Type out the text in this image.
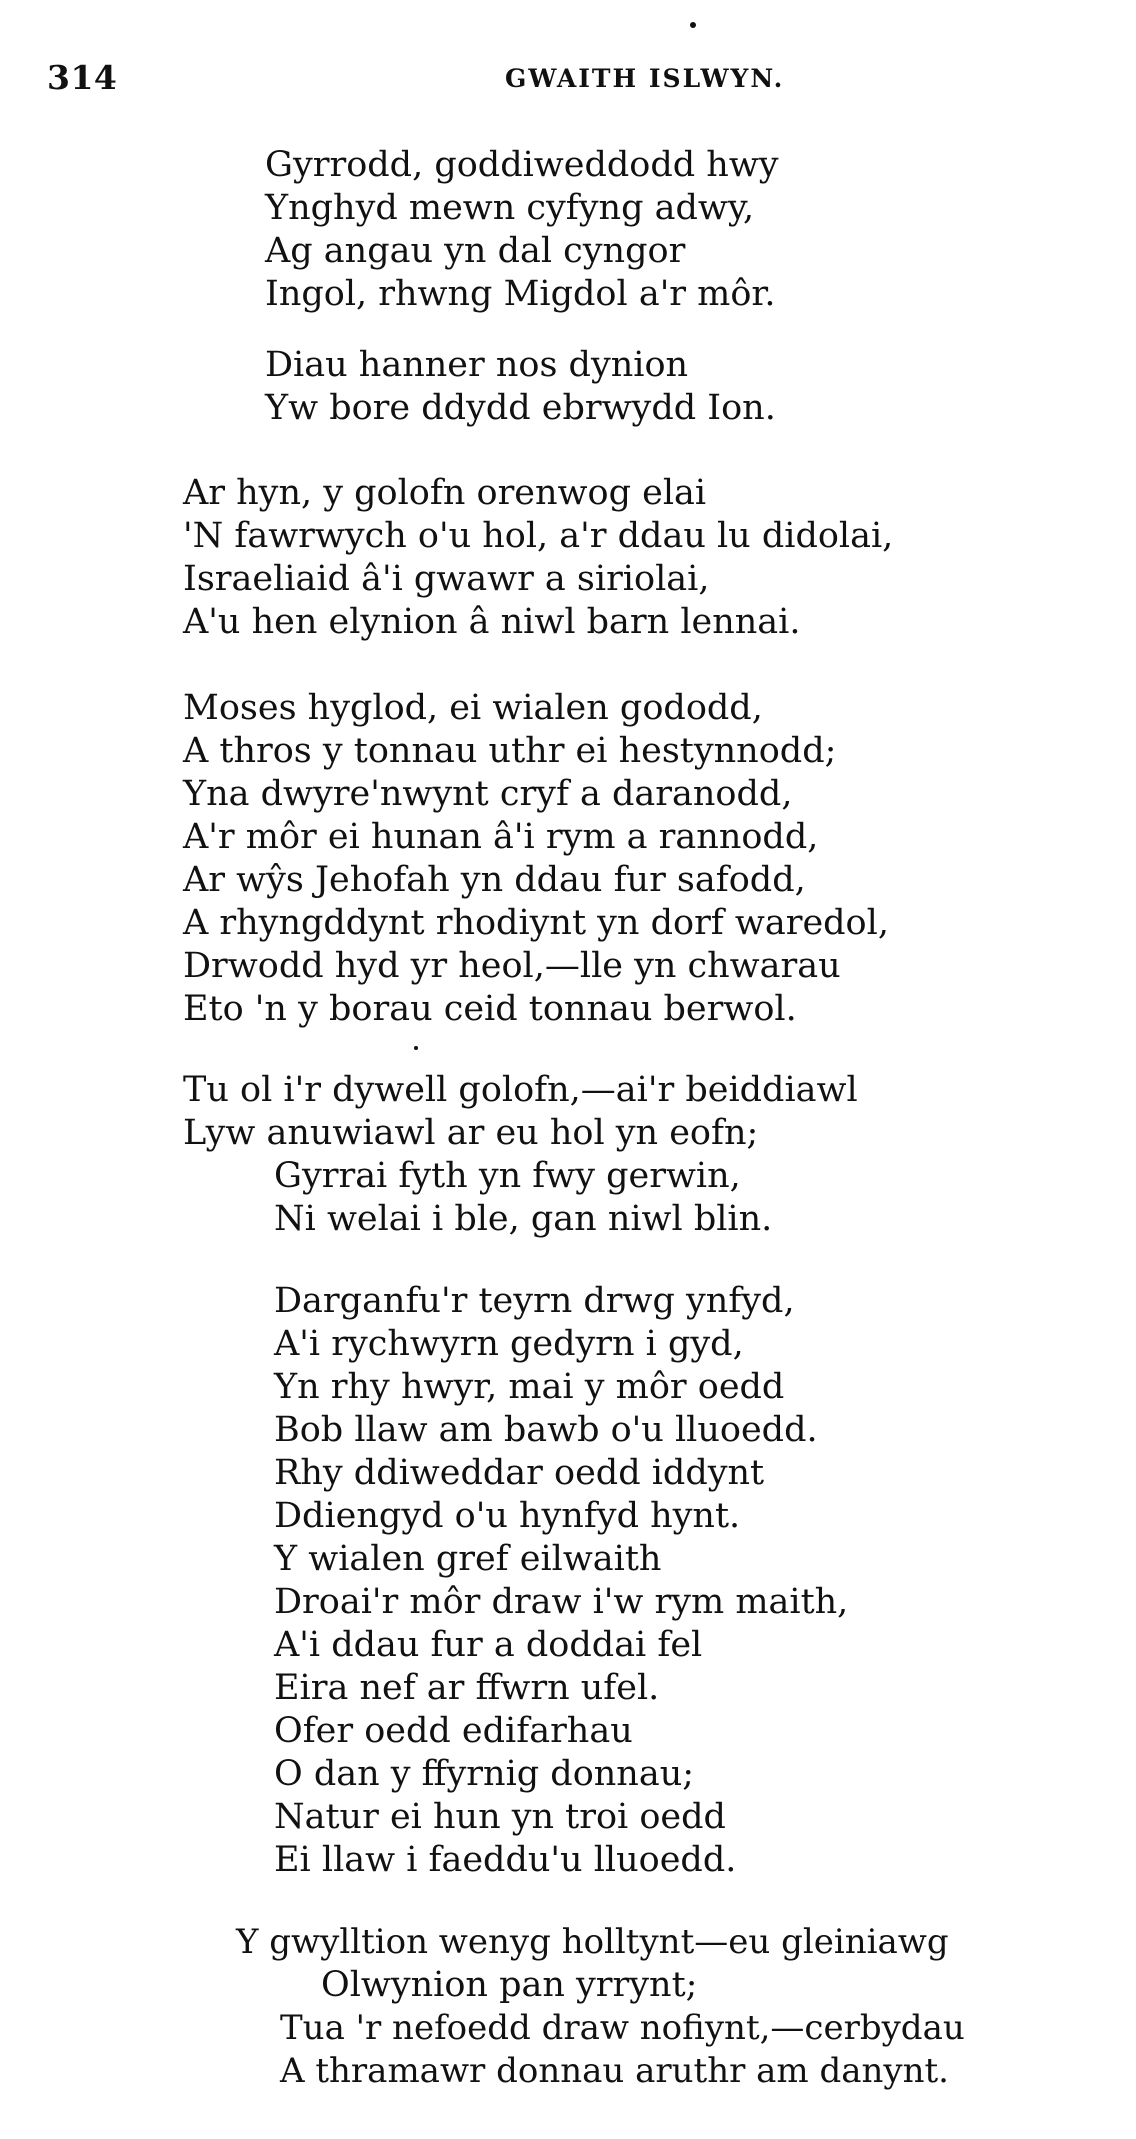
314	GWAITH ISLWYN.
Gyrrodd, goddiweddodd hwy
Ynghyd mewn cyfyng adwy,
Ag angau yn dal cyngor
Ingol, rhwng Migdol a'r môr.
Diau hanner nos dynion
Yw bore ddydd ebrwydd Ion.
Ar hyn, y golofn orenwog elai
'N fawrwych o'u hol, a'r ddau lu didolai,
Israeliaid â'i gwawr a siriolai,
A'u hen elynion â niwl barn lennai.
Moses hyglod, ei wialen gododd,
A thros y tonnau uthr ei hestynnodd;
Yna dwyre'nwynt cryf a daranodd,
A'r môr ei hunan â'i rym a rannodd,
Ar wŷs Jehofah yn ddau fur safodd,
A rhyngddynt rhodiynt yn dorf waredol,
Drwodd hyd yr heol,—lle yn chwarau
Eto 'n y borau ceid tonnau berwol.
Tu ol i'r dywell golofn,—ai'r beiddiawl
Lyw anuwiawl ar eu hol yn eofn;
Gyrrai fyth yn fwy gerwin,
Ni welai i ble, gan niwl blin.
Darganfu'r teyrn drwg ynfyd,
A'i rychwyrn gedyrn i gyd,
Yn rhy hwyr, mai y môr oedd
Bob llaw am bawb o'u lluoedd.
Rhy ddiweddar oedd iddynt
Ddiengyd o'u hynfyd hynt.
Y wialen gref eilwaith
Droai'r môr draw i'w rym maith,
A'i ddau fur a doddai fel
Eira nef ar ffwrn ufel.
Ofer oedd edifarhau
O dan y ffyrnig donnau;
Natur ei hun yn troi oedd
Ei llaw i faeddu'u lluoedd.
Y gwylltion wenyg holltynt—eu gleiniawg
Olwynion pan yrrynt;
Tua 'r nefoedd draw nofiynt,—cerbydau
A thramawr donnau aruthr am danynt.
